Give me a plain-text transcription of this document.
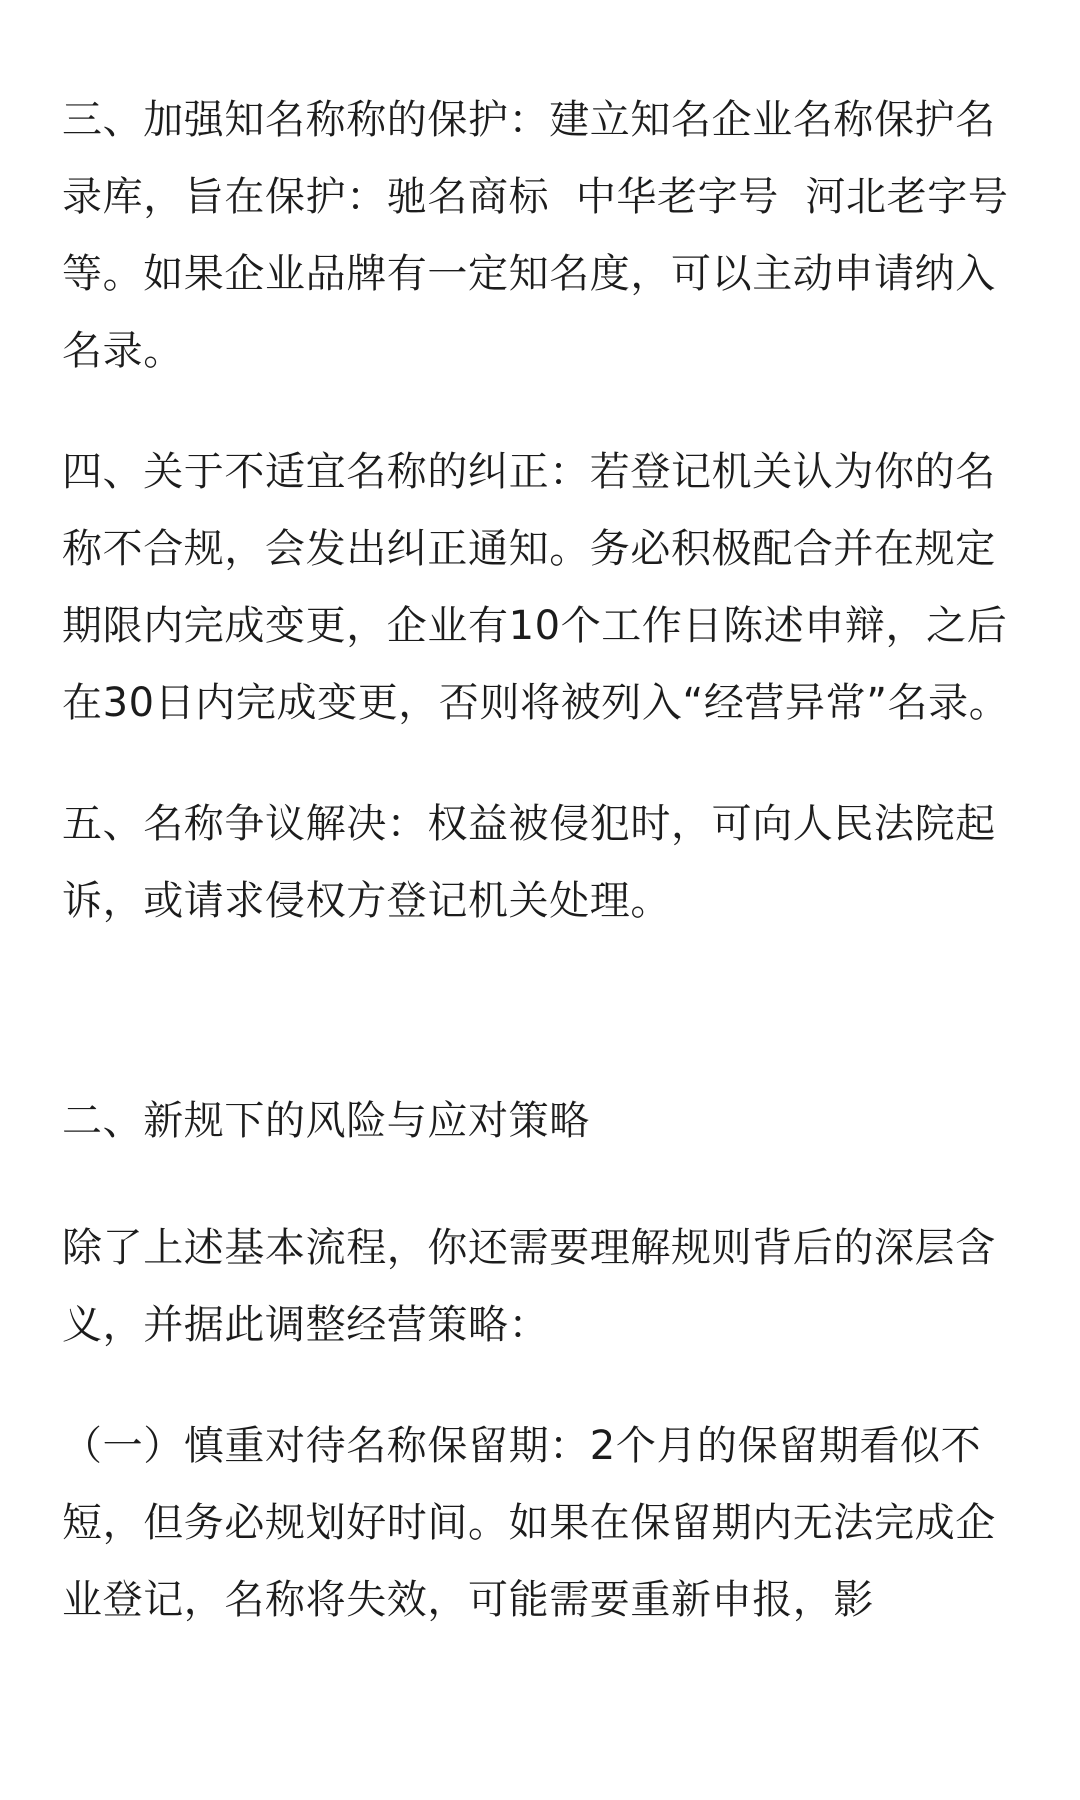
三、加强知名称称的保护：建立知名企业名称保护名录库，旨在保护：驰名商标  中华老字号  河北老字号等。如果企业品牌有一定知名度，可以主动申请纳入名录。

四、关于不适宜名称的纠正：若登记机关认为你的名称不合规，会发出纠正通知。务必积极配合并在规定期限内完成变更，企业有10个工作日陈述申辩，之后在30日内完成变更，否则将被列入“经营异常”名录。

五、名称争议解决：权益被侵犯时，可向人民法院起诉，或请求侵权方登记机关处理。

二、新规下的风险与应对策略

除了上述基本流程，你还需要理解规则背后的深层含义，并据此调整经营策略：

（一）慎重对待名称保留期：2个月的保留期看似不短，但务必规划好时间。如果在保留期内无法完成企业登记，名称将失效，可能需要重新申报，影
